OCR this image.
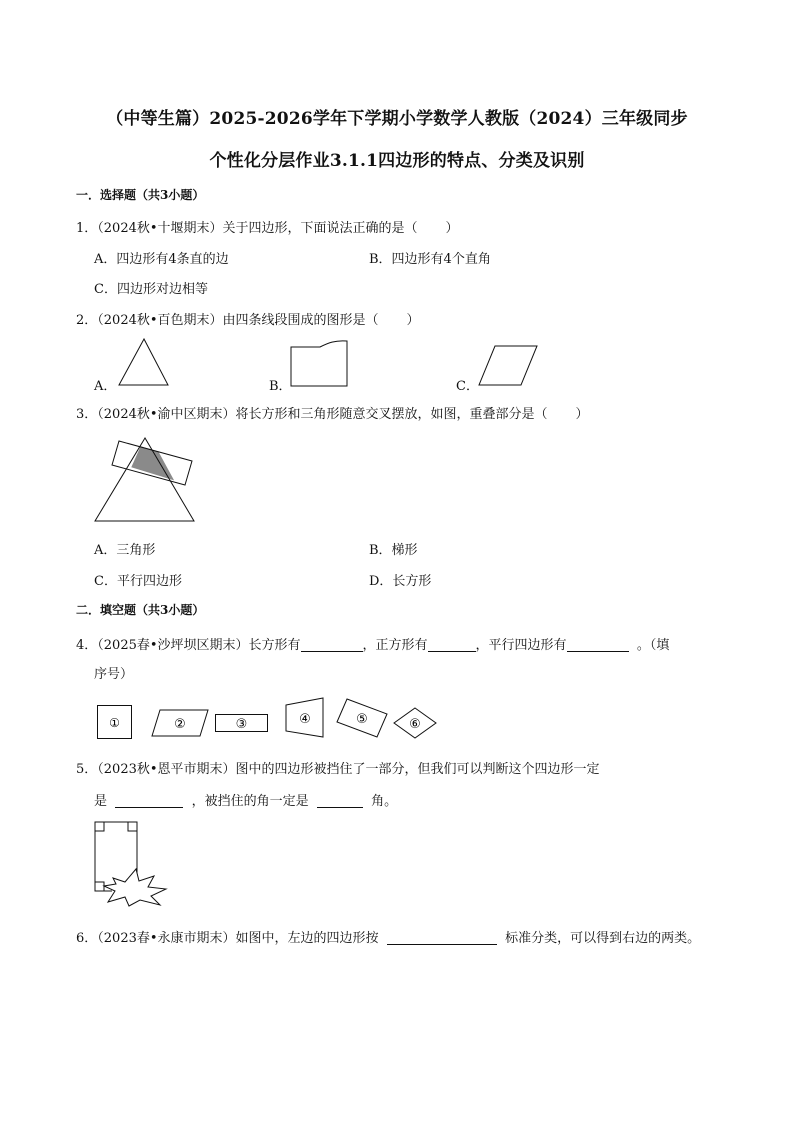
（中等生篇）2025-2026学年下学期小学数学人教版（2024）三年级同步
个性化分层作业3.1.1四边形的特点、分类及识别
一．选择题（共3小题）
1．（2024秋•十堰期末）关于四边形，下面说法正确的是（ ）
A．四边形有4条直的边	B．四边形有4个直角
C．四边形对边相等
2．（2024秋•百色期末）由四条线段围成的图形是（ ）
A．	B．	C．
3．（2024秋•渝中区期末）将长方形和三角形随意交叉摆放，如图，重叠部分是（ ）
A．三角形	B．梯形
C．平行四边形	D．长方形
二．填空题（共3小题）
4．（2025春•沙坪坝区期末）长方形有	，正方形有	，平行四边形有 	。（填
序号）
①	②	③	④	⑤	⑥
5．（2023秋•恩平市期末）图中的四边形被挡住了一部分，但我们可以判断这个四边形一定
是  	，被挡住的角一定是  	角。
6．（2023春•永康市期末）如图中，左边的四边形按  	标准分类，可以得到右边的两类。
